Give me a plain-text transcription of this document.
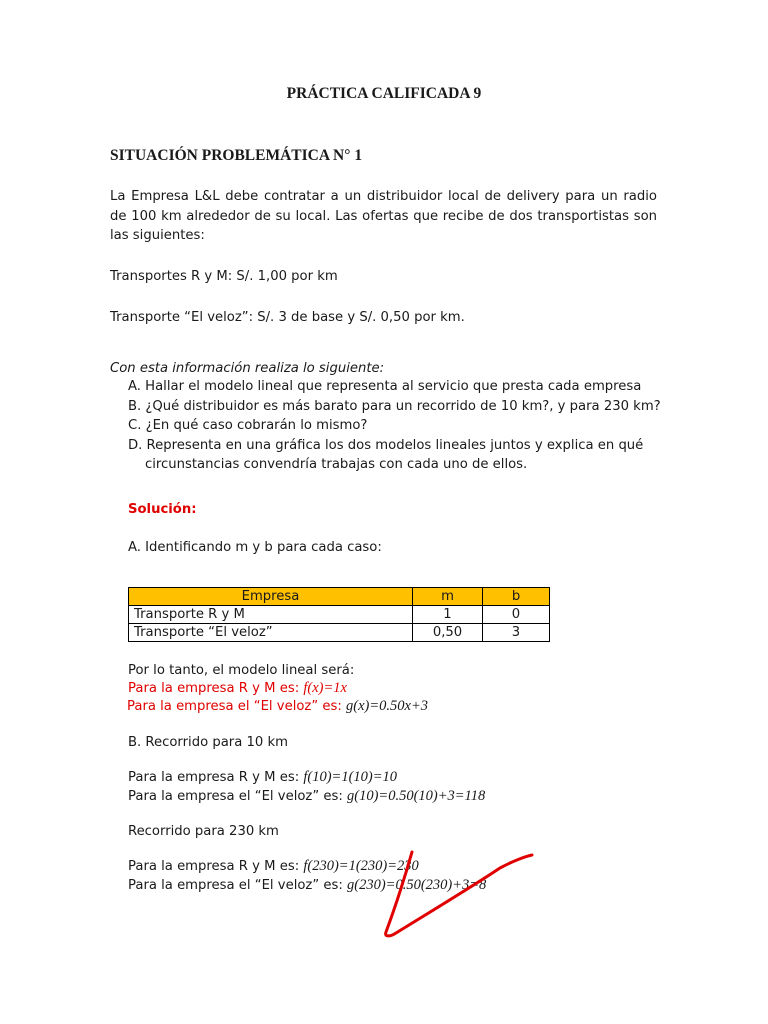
PRÁCTICA CALIFICADA 9
SITUACIÓN PROBLEMÁTICA N° 1
La Empresa L&L debe contratar a un distribuidor local de delivery para un radio de 100 km alrededor de su local. Las ofertas que recibe de dos transportistas son las siguientes:
Transportes R y M: S/. 1,00 por km
Transporte “El veloz”: S/. 3 de base y S/. 0,50 por km.
Con esta información realiza lo siguiente:
A. Hallar el modelo lineal que representa al servicio que presta cada empresa
B. ¿Qué distribuidor es más barato para un recorrido de 10 km?, y para 230 km?
C. ¿En qué caso cobrarán lo mismo?
D. Representa en una gráfica los dos modelos lineales juntos y explica en qué
circunstancias convendría trabajas con cada uno de ellos.
Solución:
A. Identificando m y b para cada caso:
Empresa	m	b
Transporte R y M	1	0
Transporte “El veloz”	0,50	3
Por lo tanto, el modelo lineal será:
Para la empresa R y M es: f(x)=1x
Para la empresa el “El veloz” es: g(x)=0.50x+3
B. Recorrido para 10 km
Para la empresa R y M es: f(10)=1(10)=10
Para la empresa el “El veloz” es: g(10)=0.50(10)+3=118
Recorrido para 230 km
Para la empresa R y M es: f(230)=1(230)=230
Para la empresa el “El veloz” es: g(230)=0.50(230)+3=8
